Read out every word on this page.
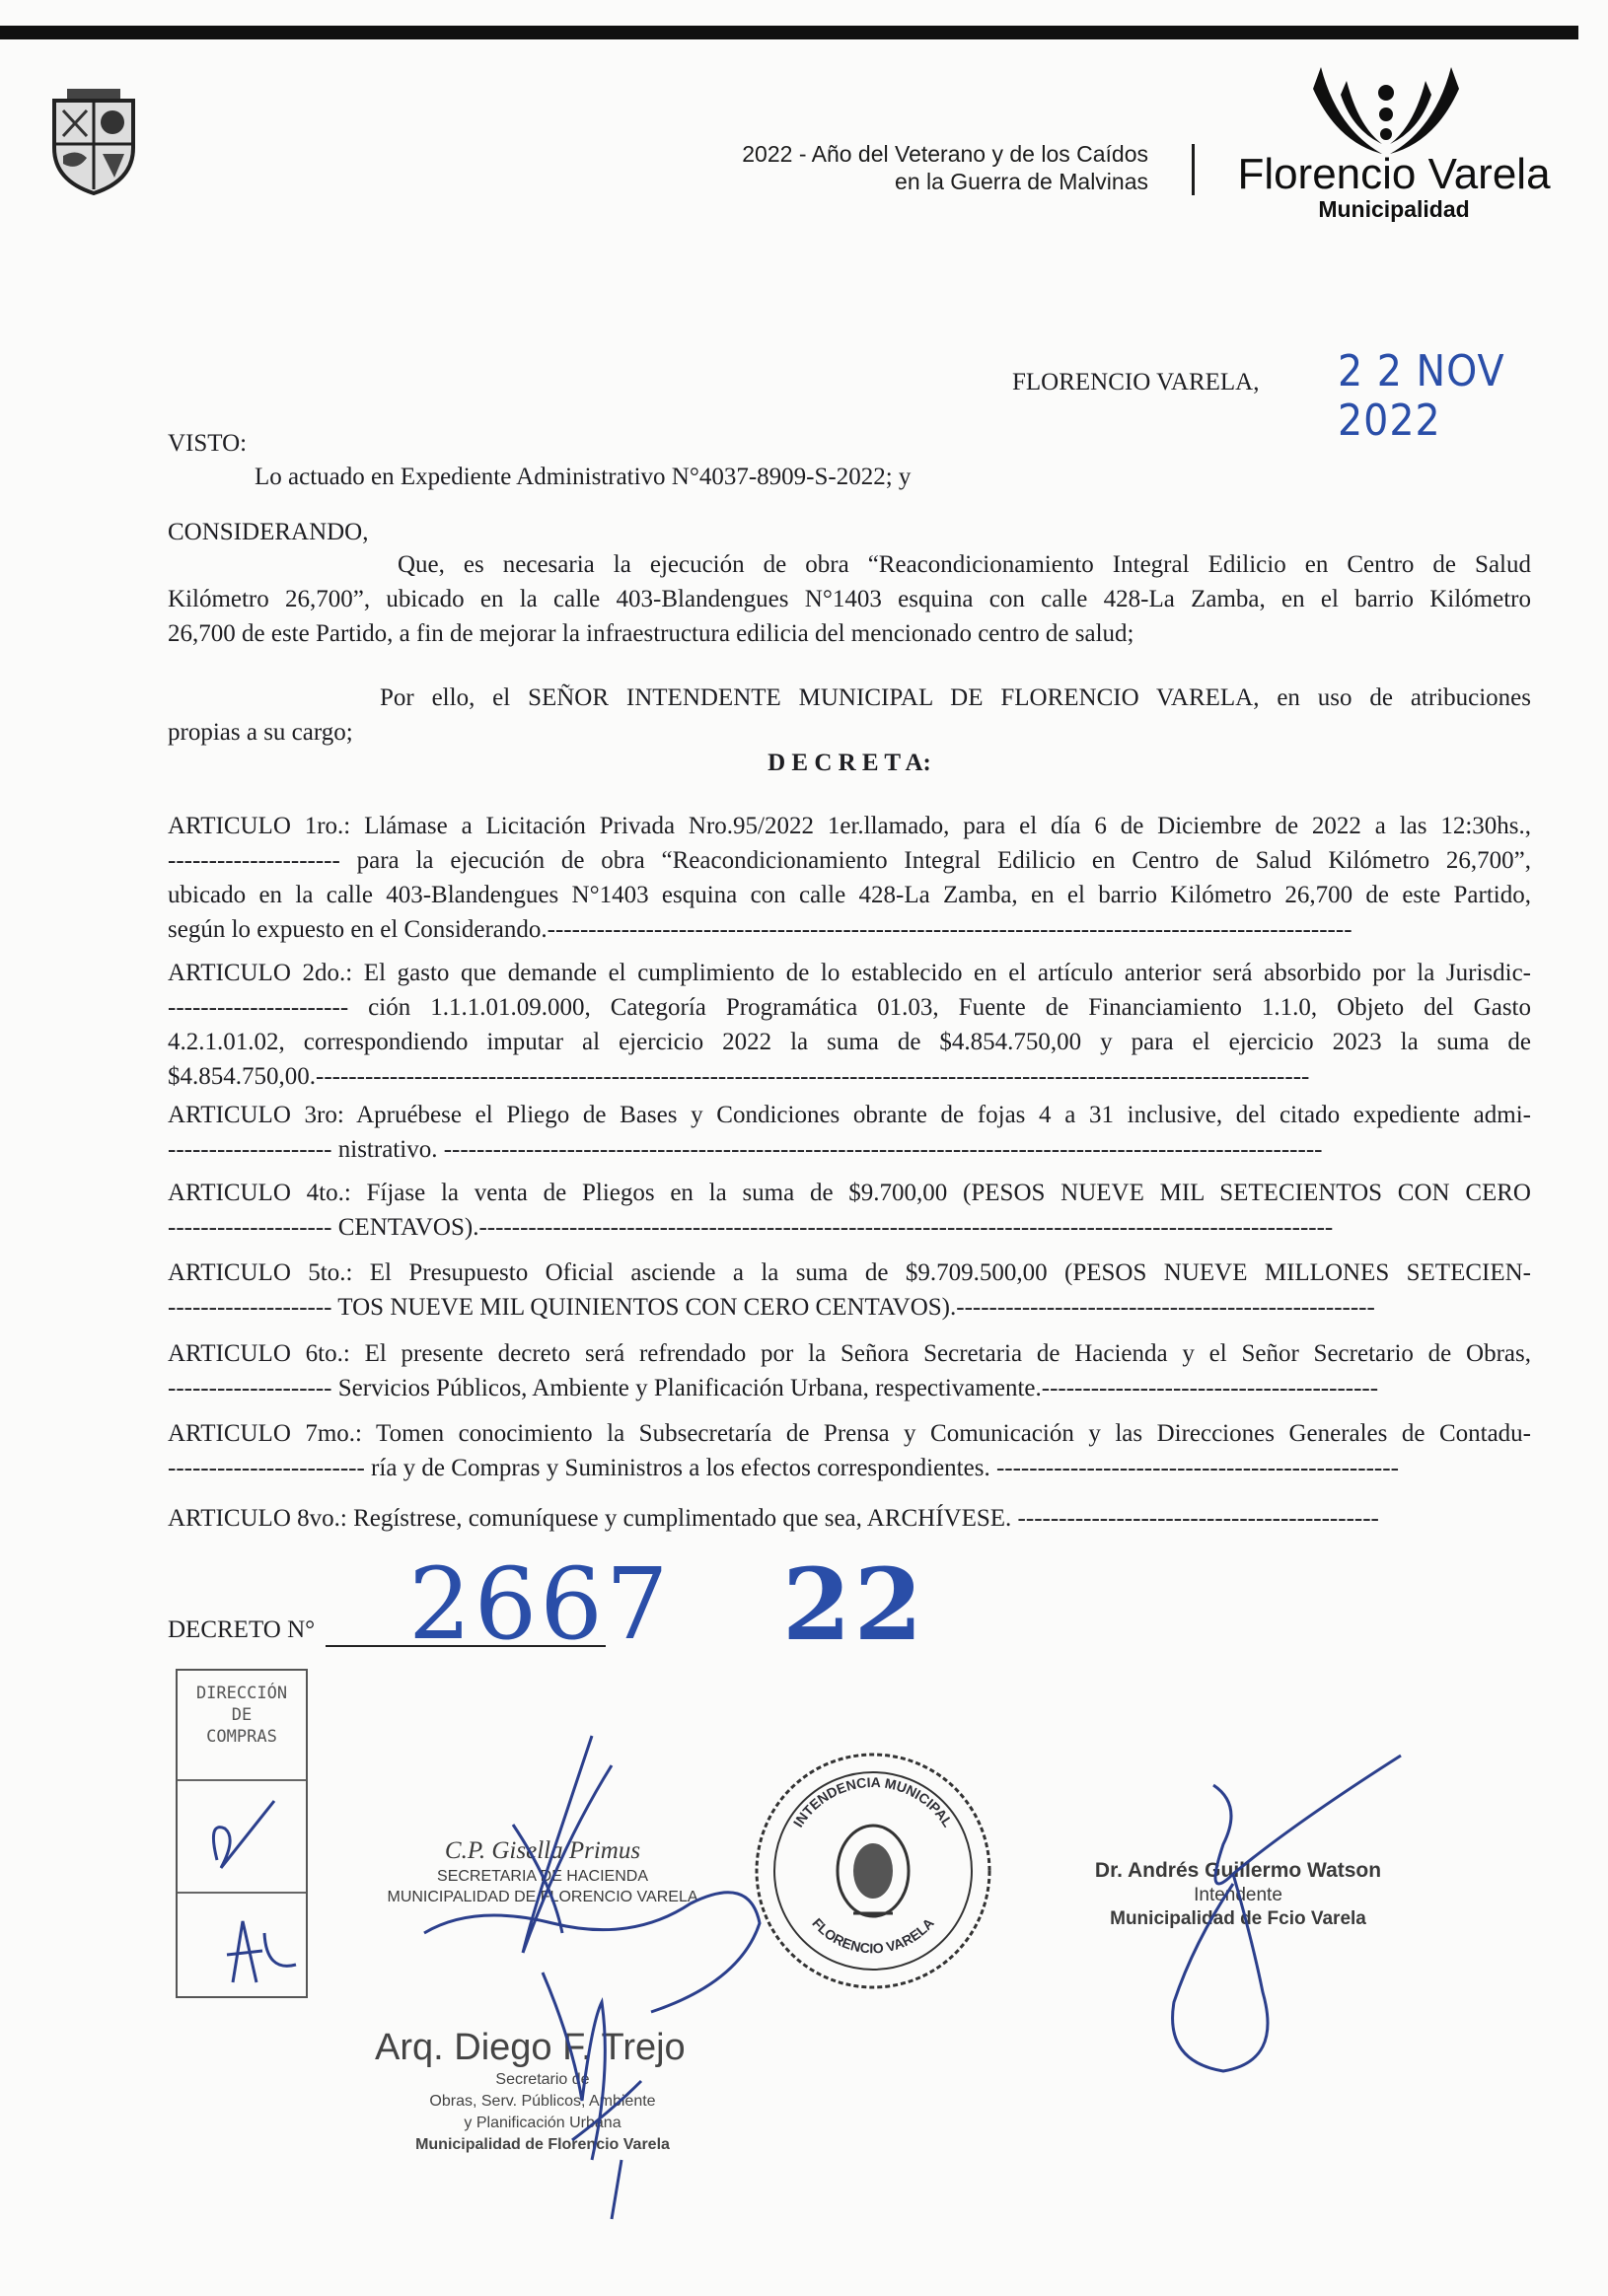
2022 - Año del Veterano y de los Caídos
en la Guerra de Malvinas Florencio Varela
Municipalidad
FLORENCIO VARELA, 2 2 NOV 2022
VISTO:
Lo actuado en Expediente Administrativo N°4037-8909-S-2022; y
CONSIDERANDO,
Que, es necesaria la ejecución de obra “Reacondicionamiento Integral Edilicio en Centro de Salud
Kilómetro 26,700”, ubicado en la calle 403-Blandengues N°1403 esquina con calle 428-La Zamba, en el barrio Kilómetro
26,700 de este Partido, a fin de mejorar la infraestructura edilicia del mencionado centro de salud;
Por ello, el SEÑOR INTENDENTE MUNICIPAL DE FLORENCIO VARELA, en uso de atribuciones
propias a su cargo;
D E C R E T A:
ARTICULO 1ro.: Llámase a Licitación Privada Nro.95/2022 1er.llamado, para el día 6 de Diciembre de 2022 a las 12:30hs.,
--------------------- para la ejecución de obra “Reacondicionamiento Integral Edilicio en Centro de Salud Kilómetro 26,700”,
ubicado en la calle 403-Blandengues N°1403 esquina con calle 428-La Zamba, en el barrio Kilómetro 26,700 de este Partido,
según lo expuesto en el Considerando.--------------------------------------------------------------------------------------------------
ARTICULO 2do.: El gasto que demande el cumplimiento de lo establecido en el artículo anterior será absorbido por la Jurisdic-
---------------------- ción 1.1.1.01.09.000, Categoría Programática 01.03, Fuente de Financiamiento 1.1.0, Objeto del Gasto
4.2.1.01.02, correspondiendo imputar al ejercicio 2022 la suma de $4.854.750,00 y para el ejercicio 2023 la suma de
$4.854.750,00.-------------------------------------------------------------------------------------------------------------------------
ARTICULO 3ro: Apruébese el Pliego de Bases y Condiciones obrante de fojas 4 a 31 inclusive, del citado expediente admi-
-------------------- nistrativo. -----------------------------------------------------------------------------------------------------------
ARTICULO 4to.: Fíjase la venta de Pliegos en la suma de $9.700,00 (PESOS NUEVE MIL SETECIENTOS CON CERO
-------------------- CENTAVOS).--------------------------------------------------------------------------------------------------------
ARTICULO 5to.: El Presupuesto Oficial asciende a la suma de $9.709.500,00 (PESOS NUEVE MILLONES SETECIEN-
-------------------- TOS NUEVE MIL QUINIENTOS CON CERO CENTAVOS).---------------------------------------------------
ARTICULO 6to.: El presente decreto será refrendado por la Señora Secretaria de Hacienda y el Señor Secretario de Obras,
-------------------- Servicios Públicos, Ambiente y Planificación Urbana, respectivamente.-----------------------------------------
ARTICULO 7mo.: Tomen conocimiento la Subsecretaría de Prensa y Comunicación y las Direcciones Generales de Contadu-
------------------------ ría y de Compras y Suministros a los efectos correspondientes. -------------------------------------------------
ARTICULO 8vo.: Regístrese, comuníquese y cumplimentado que sea, ARCHÍVESE. --------------------------------------------
DECRETO N° 2667 22
DIRECCIÓN
DE
COMPRAS
C.P. Gisella Primus
SECRETARIA DE HACIENDA
MUNICIPALIDAD DE FLORENCIO VARELA
INTENDENCIA MUNICIPAL
FLORENCIO VARELA
Dr. Andrés Guillermo Watson
Intendente
Municipalidad de Fcio Varela
Arq. Diego F. Trejo
Secretario de
Obras, Serv. Públicos, Ambiente
y Planificación Urbana
Municipalidad de Florencio Varela
